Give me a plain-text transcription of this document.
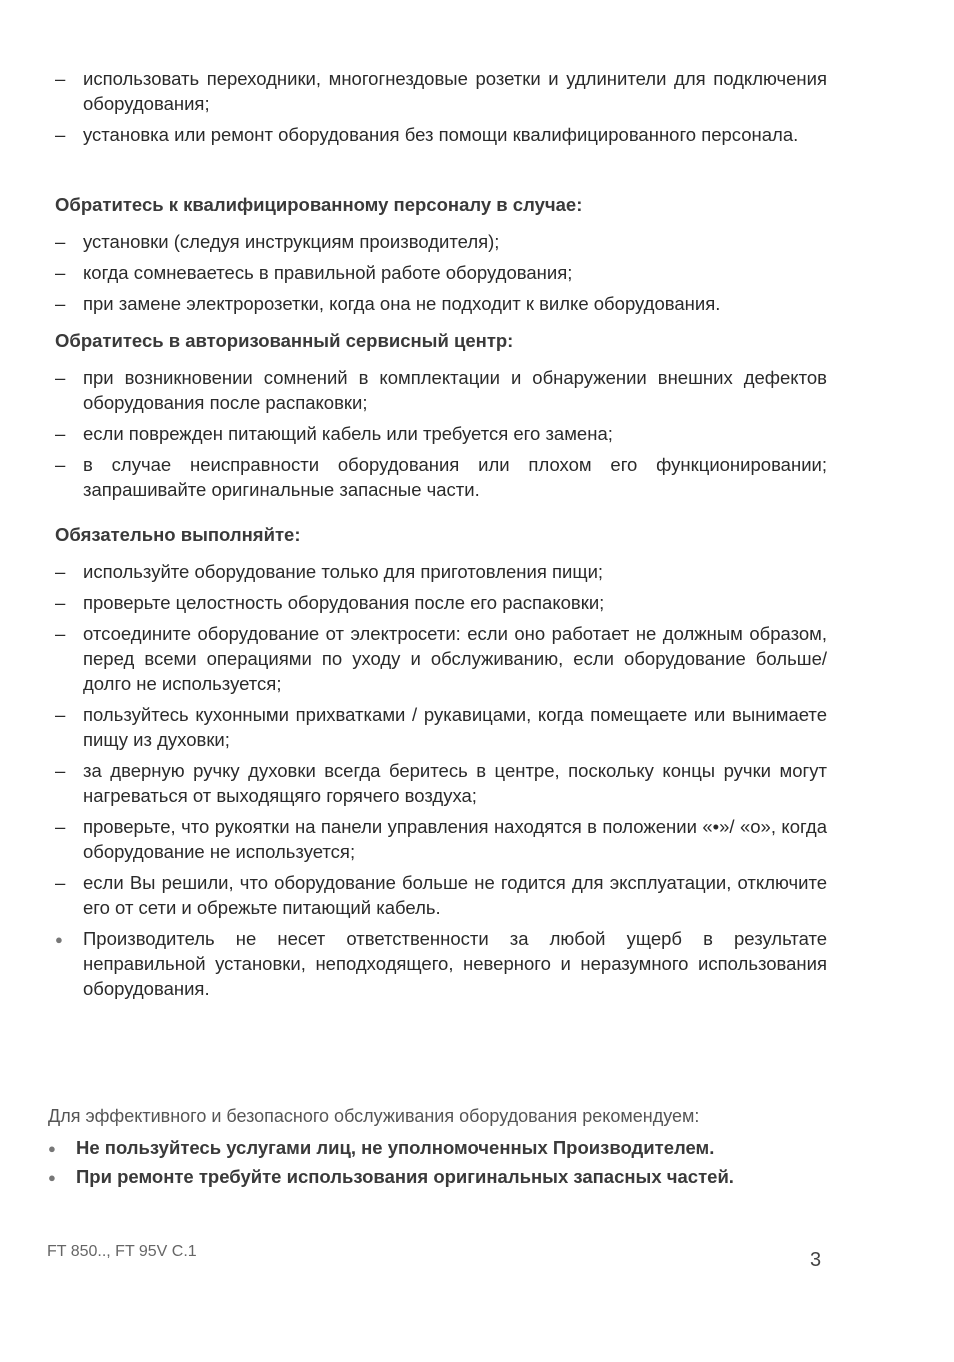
– использовать переходники, многогнездовые розетки и удлинители для подключения оборудования;
– установка или ремонт оборудования без помощи квалифицированного персонала.
Обратитесь к квалифицированному персоналу в случае:
– установки (следуя инструкциям производителя);
– когда сомневаетесь в правильной работе оборудования;
– при замене электророзетки, когда она не подходит к вилке оборудования.
Обратитесь в авторизованный сервисный центр:
– при возникновении сомнений в комплектации и обнаружении внешних дефектов оборудования после распаковки;
– если поврежден питающий кабель или требуется его замена;
– в случае неисправности оборудования или плохом его функционировании; запрашивайте оригинальные запасные части.
Обязательно выполняйте:
– используйте оборудование только для приготовления пищи;
– проверьте целостность оборудования после его распаковки;
– отсоедините оборудование от электросети: если оно работает не должным образом, перед всеми операциями по уходу и обслуживанию, если оборудование больше/долго не используется;
– пользуйтесь кухонными прихватками / рукавицами, когда помещаете или вынимаете пищу из духовки;
– за дверную ручку духовки всегда беритесь в центре, поскольку концы ручки могут нагреваться от выходящяго горячего воздуха;
– проверьте, что рукоятки на панели управления находятся в положении «•»/ «o», когда оборудование не используется;
– если Вы решили, что оборудование больше не годится для эксплуатации, отключите его от сети и обрежьте питающий кабель.
●	Производитель не несет ответственности за любой ущерб в результате неправильной установки, неподходящего, неверного и неразумного использования оборудования.
Для эффективного и безопасного обслуживания оборудования рекомендуем:
●	Не пользуйтесь услугами лиц, не уполномоченных Производителем.
●	При ремонте требуйте использования оригинальных запасных частей.
FT 850.., FT 95V C.1	3
